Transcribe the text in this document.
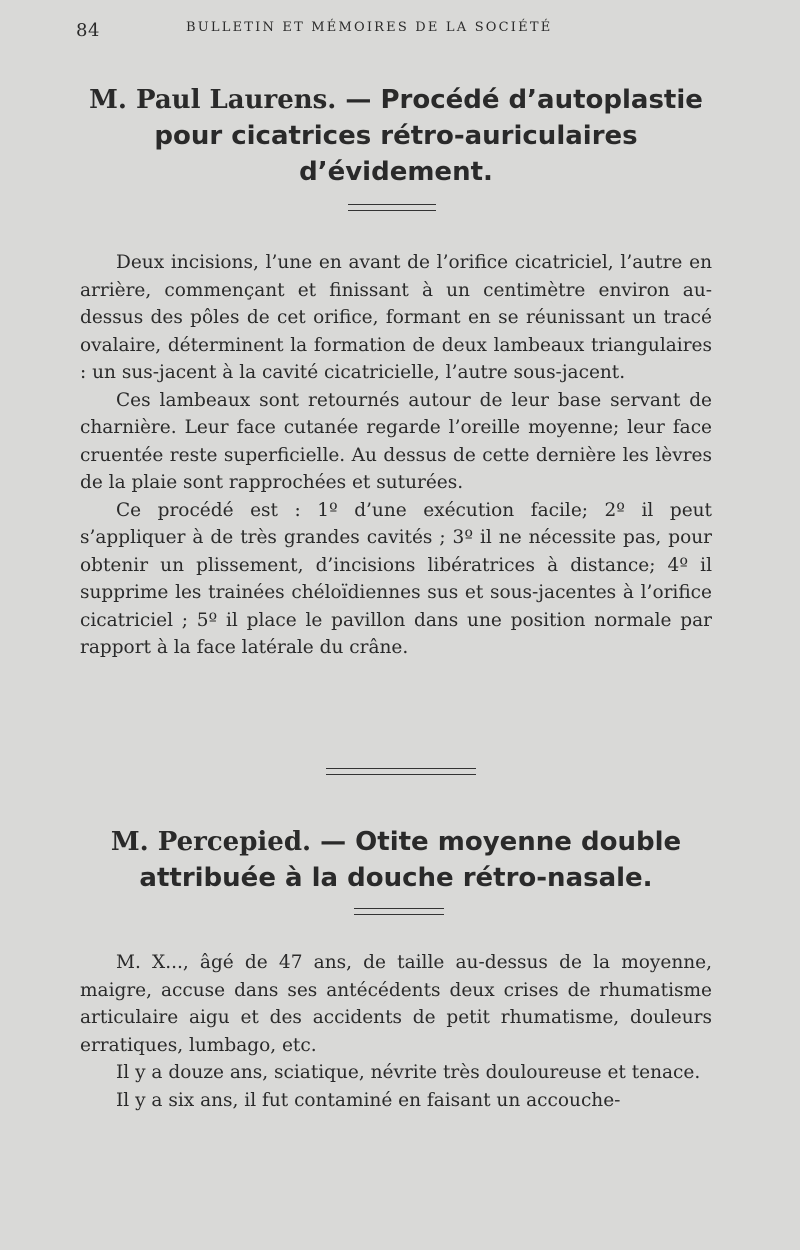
84	BULLETIN ET MÉMOIRES DE LA SOCIÉTÉ
M. Paul Laurens. — Procédé d’autoplastie
pour cicatrices rétro-auriculaires
d’évidement.

Deux incisions, l’une en avant de l’orifice cicatriciel, l’autre en arrière, commençant et finissant à un centimètre environ au-dessus des pôles de cet orifice, formant en se réunissant un tracé ovalaire, déterminent la formation de deux lambeaux triangulaires : un sus-jacent à la cavité cicatricielle, l’autre sous-jacent.

Ces lambeaux sont retournés autour de leur base servant de charnière. Leur face cutanée regarde l’oreille moyenne; leur face cruentée reste superficielle. Au dessus de cette dernière les lèvres de la plaie sont rapprochées et suturées.

Ce procédé est : 1º d’une exécution facile; 2º il peut s’appliquer à de très grandes cavités ; 3º il ne nécessite pas, pour obtenir un plissement, d’incisions libératrices à distance; 4º il supprime les trainées chéloïdiennes sus et sous-jacentes à l’orifice cicatriciel ; 5º il place le pavillon dans une position normale par rapport à la face latérale du crâne.

M. Percepied. — Otite moyenne double
attribuée à la douche rétro-nasale.

M. X..., âgé de 47 ans, de taille au-dessus de la moyenne, maigre, accuse dans ses antécédents deux crises de rhumatisme articulaire aigu et des accidents de petit rhumatisme, douleurs erratiques, lumbago, etc.

Il y a douze ans, sciatique, névrite très douloureuse et tenace.

Il y a six ans, il fut contaminé en faisant un accouche-
